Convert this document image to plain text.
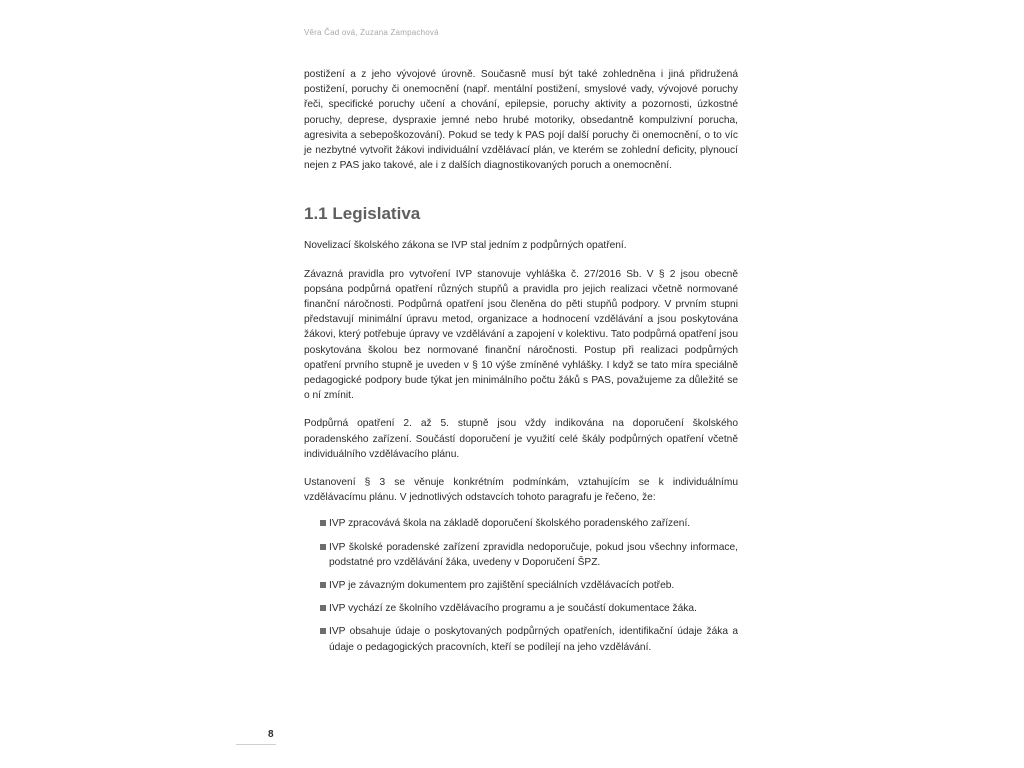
Věra Čad ová, Zuzana Zampachová

postižení a z jeho vývojové úrovně. Současně musí být také zohledněna i jiná přidružená postižení, poruchy či onemocnění (např. mentální postižení, smyslové vady, vývojové poruchy řeči, specifické poruchy učení a chování, epilepsie, poruchy aktivity a pozornosti, úzkostné poruchy, deprese, dyspraxie jemné nebo hrubé motoriky, obsedantně kompulzivní porucha, agresivita a sebepoškozování). Pokud se tedy k PAS pojí další poruchy či onemocnění, o to víc je nezbytné vytvořit žákovi individuální vzdělávací plán, ve kterém se zohlední deficity, plynoucí nejen z PAS jako takové, ale i z dalších diagnostikovaných poruch a onemocnění.

1.1 Legislativa

Novelizací školského zákona se IVP stal jedním z podpůrných opatření.

Závazná pravidla pro vytvoření IVP stanovuje vyhláška č. 27/2016 Sb. V § 2 jsou obecně popsána podpůrná opatření různých stupňů a pravidla pro jejich realizaci včetně normované finanční náročnosti. Podpůrná opatření jsou členěna do pěti stupňů podpory. V prvním stupni představují minimální úpravu metod, organizace a hodnocení vzdělávání a jsou poskytována žákovi, který potřebuje úpravy ve vzdělávání a zapojení v kolektivu. Tato podpůrná opatření jsou poskytována školou bez normované finanční náročnosti. Postup při realizaci podpůrných opatření prvního stupně je uveden v § 10 výše zmíněné vyhlášky. I když se tato míra speciálně pedagogické podpory bude týkat jen minimálního počtu žáků s PAS, považujeme za důležité se o ní zmínit.

Podpůrná opatření 2. až 5. stupně jsou vždy indikována na doporučení školského poradenského zařízení. Součástí doporučení je využití celé škály podpůrných opatření včetně individuálního vzdělávacího plánu.

Ustanovení § 3 se věnuje konkrétním podmínkám, vztahujícím se k individuálnímu vzdělávacímu plánu. V jednotlivých odstavcích tohoto paragrafu je řečeno, že:

IVP zpracovává škola na základě doporučení školského poradenského zařízení.
IVP školské poradenské zařízení zpravidla nedoporučuje, pokud jsou všechny informace, podstatné pro vzdělávání žáka, uvedeny v Doporučení ŠPZ.
IVP je závazným dokumentem pro zajištění speciálních vzdělávacích potřeb.
IVP vychází ze školního vzdělávacího programu a je součástí dokumentace žáka.
IVP obsahuje údaje o poskytovaných podpůrných opatřeních, identifikační údaje žáka a údaje o pedagogických pracovních, kteří se podílejí na jeho vzdělávání.
8
